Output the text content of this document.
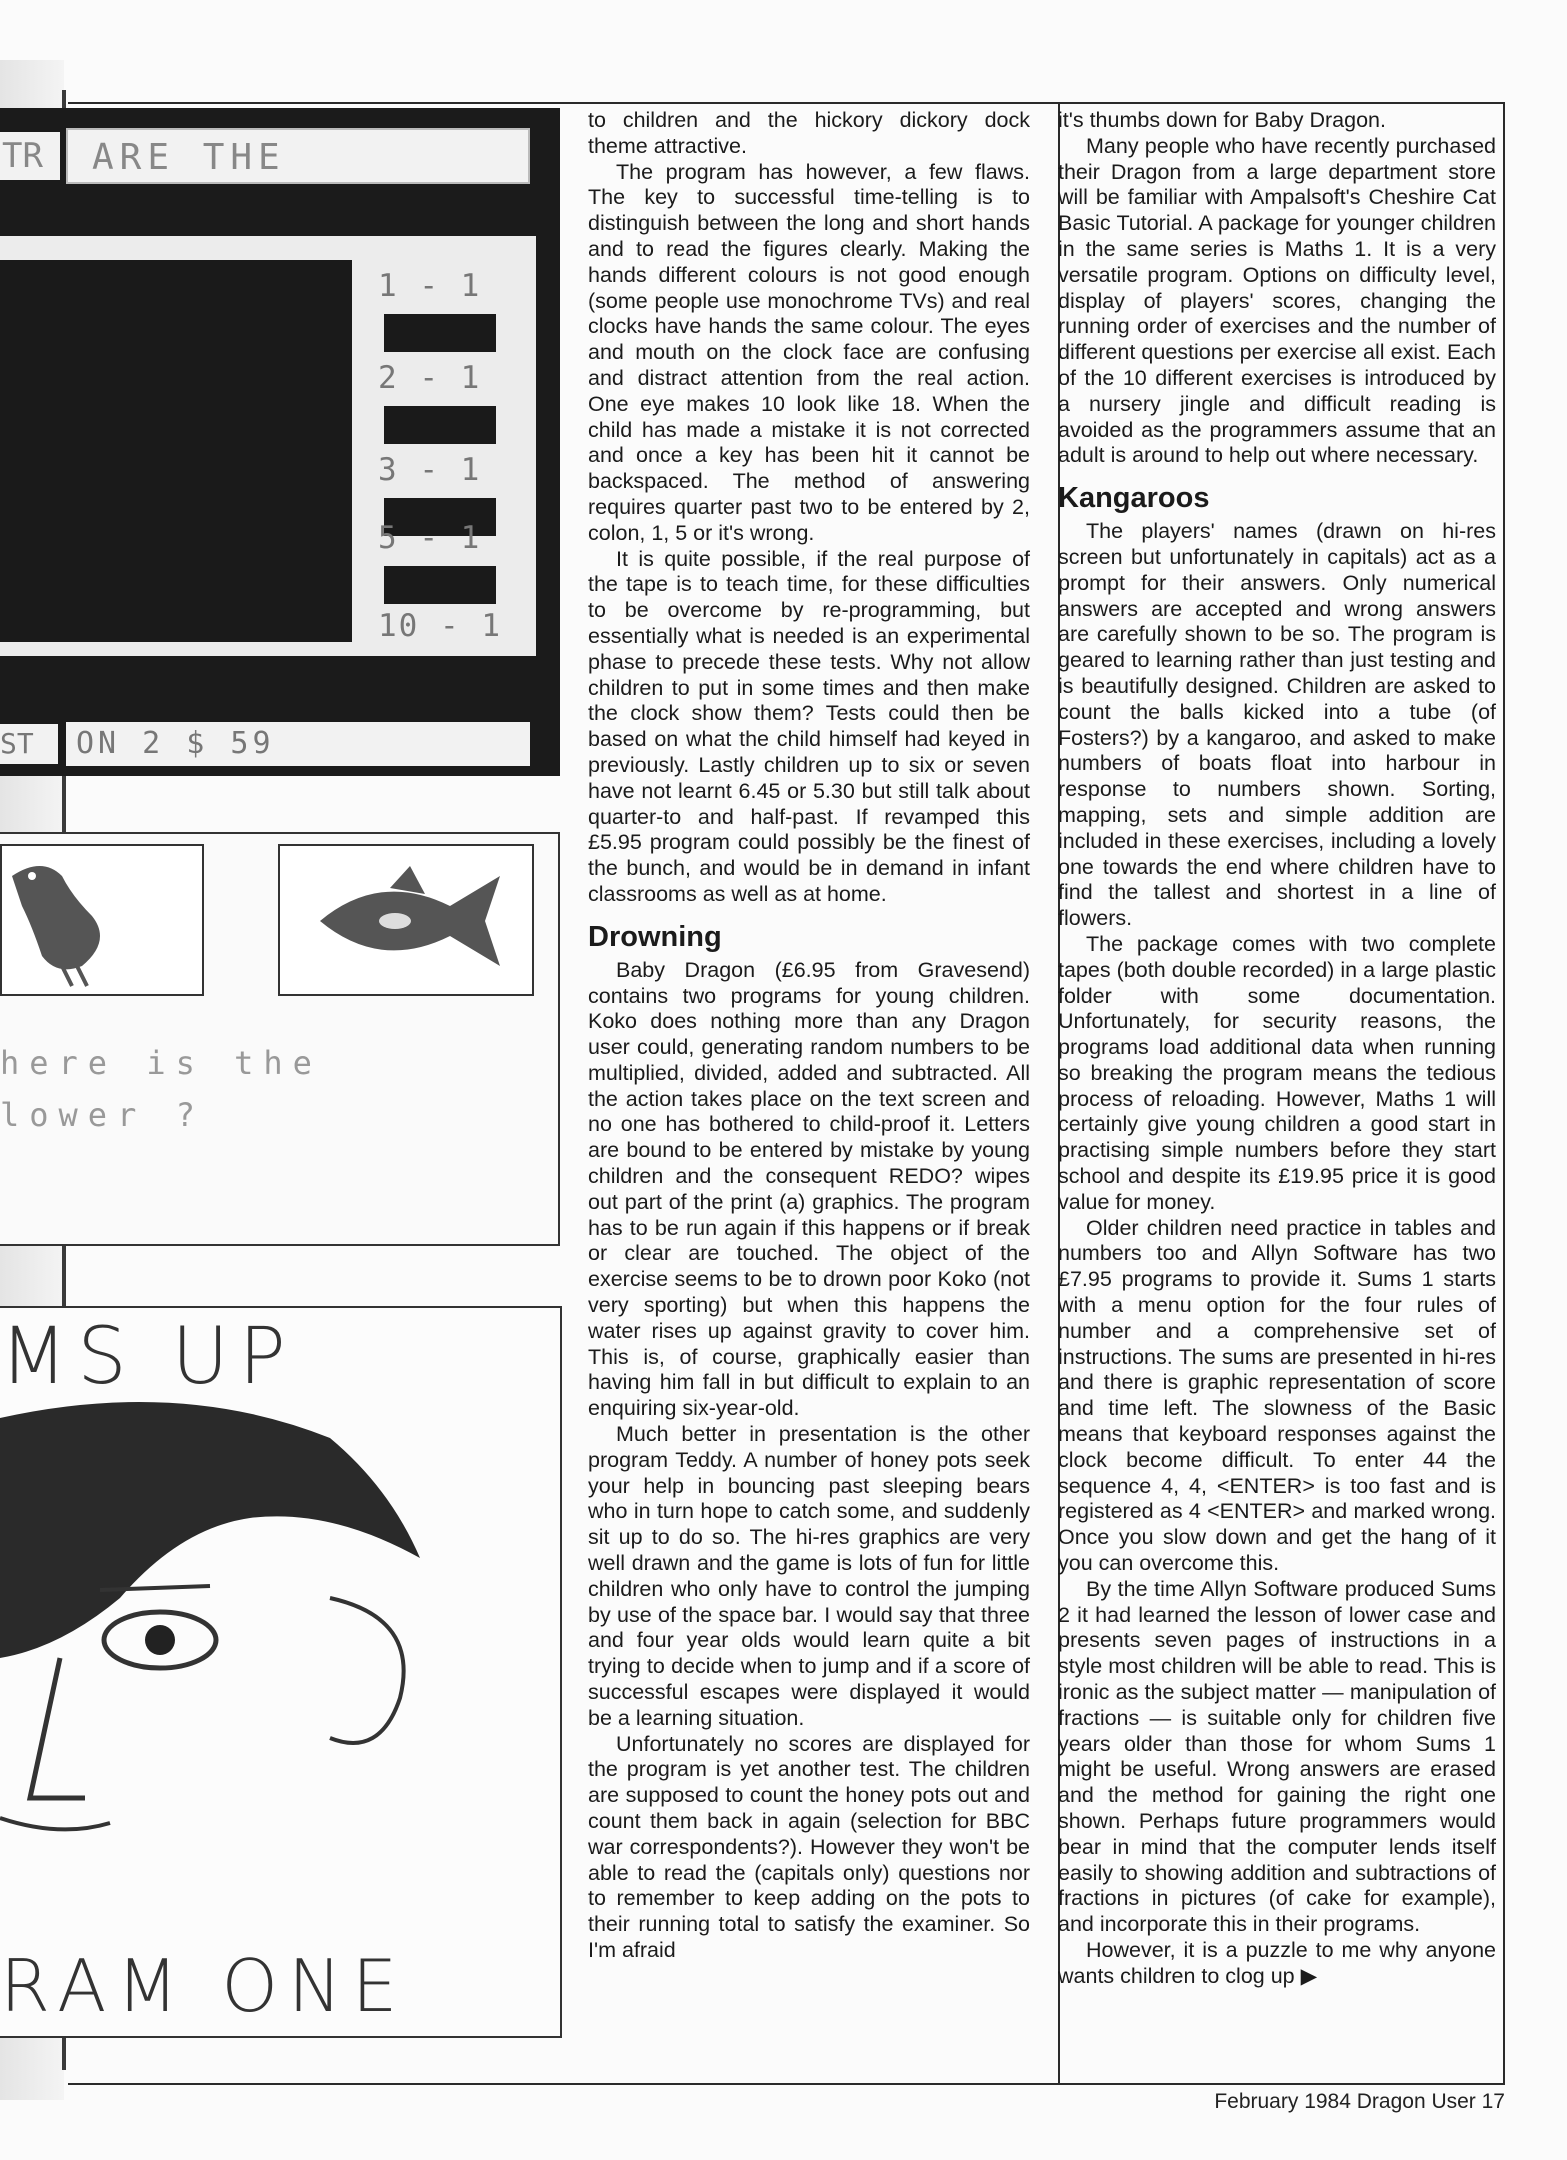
TR	ARE THE
1 - 1
2 - 1
3 - 1
5 - 1
10 - 1
ST	ON 2 $ 59
here is the
lower ?
MS UP
RAM ONE

to children and the hickory dickory dock theme attractive.

The program has however, a few flaws. The key to successful time-telling is to distinguish between the long and short hands and to read the figures clearly. Making the hands different colours is not good enough (some people use monochrome TVs) and real clocks have hands the same colour. The eyes and mouth on the clock face are confusing and distract attention from the real action. One eye makes 10 look like 18. When the child has made a mistake it is not corrected and once a key has been hit it cannot be backspaced. The method of answering requires quarter past two to be entered by 2, colon, 1, 5 or it's wrong.

It is quite possible, if the real purpose of the tape is to teach time, for these difficulties to be overcome by re-programming, but essentially what is needed is an experimental phase to precede these tests. Why not allow children to put in some times and then make the clock show them? Tests could then be based on what the child himself had keyed in previously. Lastly children up to six or seven have not learnt 6.45 or 5.30 but still talk about quarter-to and half-past. If revamped this £5.95 program could possibly be the finest of the bunch, and would be in demand in infant classrooms as well as at home.

Drowning

Baby Dragon (£6.95 from Gravesend) contains two programs for young children. Koko does nothing more than any Dragon user could, generating random numbers to be multiplied, divided, added and subtracted. All the action takes place on the text screen and no one has bothered to child-proof it. Letters are bound to be entered by mistake by young children and the consequent REDO? wipes out part of the print (a) graphics. The program has to be run again if this happens or if break or clear are touched. The object of the exercise seems to be to drown poor Koko (not very sporting) but when this happens the water rises up against gravity to cover him. This is, of course, graphically easier than having him fall in but difficult to explain to an enquiring six-year-old.

Much better in presentation is the other program Teddy. A number of honey pots seek your help in bouncing past sleeping bears who in turn hope to catch some, and suddenly sit up to do so. The hi-res graphics are very well drawn and the game is lots of fun for little children who only have to control the jumping by use of the space bar. I would say that three and four year olds would learn quite a bit trying to decide when to jump and if a score of successful escapes were displayed it would be a learning situation.

Unfortunately no scores are displayed for the program is yet another test. The children are supposed to count the honey pots out and count them back in again (selection for BBC war correspondents?). However they won't be able to read the (capitals only) questions nor to remember to keep adding on the pots to their running total to satisfy the examiner. So I'm afraid

it's thumbs down for Baby Dragon.

Many people who have recently purchased their Dragon from a large department store will be familiar with Ampalsoft's Cheshire Cat Basic Tutorial. A package for younger children in the same series is Maths 1. It is a very versatile program. Options on difficulty level, display of players' scores, changing the running order of exercises and the number of different questions per exercise all exist. Each of the 10 different exercises is introduced by a nursery jingle and difficult reading is avoided as the programmers assume that an adult is around to help out where necessary.

Kangaroos

The players' names (drawn on hi-res screen but unfortunately in capitals) act as a prompt for their answers. Only numerical answers are accepted and wrong answers are carefully shown to be so. The program is geared to learning rather than just testing and is beautifully designed. Children are asked to count the balls kicked into a tube (of Fosters?) by a kangaroo, and asked to make numbers of boats float into harbour in response to numbers shown. Sorting, mapping, sets and simple addition are included in these exercises, including a lovely one towards the end where children have to find the tallest and shortest in a line of flowers.

The package comes with two complete tapes (both double recorded) in a large plastic folder with some documentation. Unfortunately, for security reasons, the programs load additional data when running so breaking the program means the tedious process of reloading. However, Maths 1 will certainly give young children a good start in practising simple numbers before they start school and despite its £19.95 price it is good value for money.

Older children need practice in tables and numbers too and Allyn Software has two £7.95 programs to provide it. Sums 1 starts with a menu option for the four rules of number and a comprehensive set of instructions. The sums are presented in hi-res and there is graphic representation of score and time left. The slowness of the Basic means that keyboard responses against the clock become difficult. To enter 44 the sequence 4, 4, <ENTER> is too fast and is registered as 4 <ENTER> and marked wrong. Once you slow down and get the hang of it you can overcome this.

By the time Allyn Software produced Sums 2 it had learned the lesson of lower case and presents seven pages of instructions in a style most children will be able to read. This is ironic as the subject matter — manipulation of fractions — is suitable only for children five years older than those for whom Sums 1 might be useful. Wrong answers are erased and the method for gaining the right one shown. Perhaps future programmers would bear in mind that the computer lends itself easily to showing addition and subtractions of fractions in pictures (of cake for example), and incorporate this in their programs.

However, it is a puzzle to me why anyone wants children to clog up ▶

February 1984 Dragon User 17
